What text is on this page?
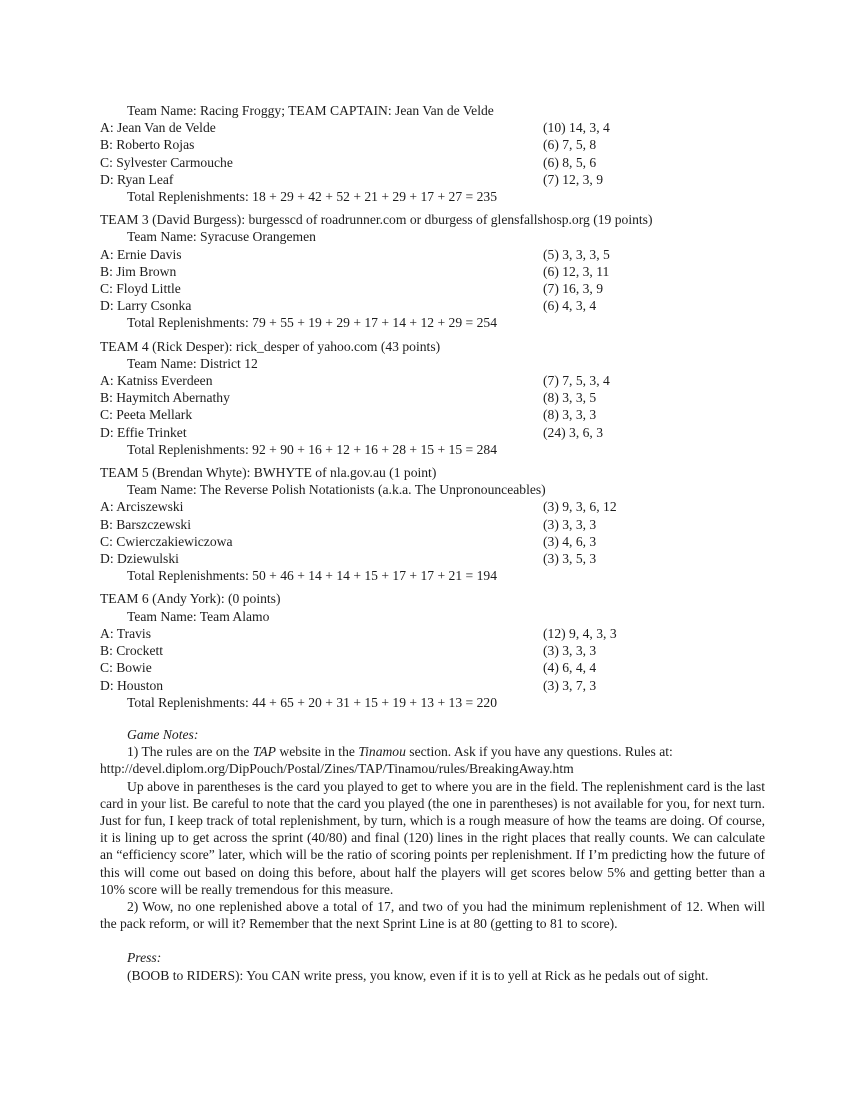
Team Name: Racing Froggy; TEAM CAPTAIN: Jean Van de Velde
A: Jean Van de Velde	(10) 14, 3, 4
B: Roberto Rojas	(6) 7, 5, 8
C: Sylvester Carmouche	(6) 8, 5, 6
D: Ryan Leaf	(7) 12, 3, 9
Total Replenishments: 18 + 29 + 42 + 52 + 21 + 29 + 17 + 27 = 235
TEAM 3 (David Burgess): burgesscd of roadrunner.com or dburgess of glensfallshosp.org (19 points)
Team Name: Syracuse Orangemen
A: Ernie Davis	(5) 3, 3, 3, 5
B: Jim Brown	(6) 12, 3, 11
C: Floyd Little	(7) 16, 3, 9
D: Larry Csonka	(6) 4, 3, 4
Total Replenishments: 79 + 55 + 19 + 29 + 17 + 14 + 12 + 29 = 254
TEAM 4 (Rick Desper): rick_desper of yahoo.com (43 points)
Team Name: District 12
A: Katniss Everdeen	(7) 7, 5, 3, 4
B: Haymitch Abernathy	(8) 3, 3, 5
C: Peeta Mellark	(8) 3, 3, 3
D: Effie Trinket	(24) 3, 6, 3
Total Replenishments: 92 + 90 + 16 + 12 + 16 + 28 + 15 + 15 = 284
TEAM 5 (Brendan Whyte): BWHYTE of nla.gov.au (1 point)
Team Name: The Reverse Polish Notationists (a.k.a. The Unpronounceables)
A: Arciszewski	(3) 9, 3, 6, 12
B: Barszczewski	(3) 3, 3, 3
C: Cwierczakiewiczowa	(3) 4, 6, 3
D: Dziewulski	(3) 3, 5, 3
Total Replenishments: 50 + 46 + 14 + 14 + 15 + 17 + 17 + 21 = 194
TEAM 6 (Andy York): (0 points)
Team Name: Team Alamo
A: Travis	(12) 9, 4, 3, 3
B: Crockett	(3) 3, 3, 3
C: Bowie	(4) 6, 4, 4
D: Houston	(3) 3, 7, 3
Total Replenishments: 44 + 65 + 20 + 31 + 15 + 19 + 13 + 13 = 220
Game Notes:

1) The rules are on the TAP website in the Tinamou section. Ask if you have any questions. Rules at:

http://devel.diplom.org/DipPouch/Postal/Zines/TAP/Tinamou/rules/BreakingAway.htm

Up above in parentheses is the card you played to get to where you are in the field. The replenishment card is the last card in your list. Be careful to note that the card you played (the one in parentheses) is not available for you, for next turn. Just for fun, I keep track of total replenishment, by turn, which is a rough measure of how the teams are doing. Of course, it is lining up to get across the sprint (40/80) and final (120) lines in the right places that really counts. We can calculate an “efficiency score” later, which will be the ratio of scoring points per replenishment. If I’m predicting how the future of this will come out based on doing this before, about half the players will get scores below 5% and getting better than a 10% score will be really tremendous for this measure.

2) Wow, no one replenished above a total of 17, and two of you had the minimum replenishment of 12. When will the pack reform, or will it? Remember that the next Sprint Line is at 80 (getting to 81 to score).

Press:

(BOOB to RIDERS): You CAN write press, you know, even if it is to yell at Rick as he pedals out of sight.
